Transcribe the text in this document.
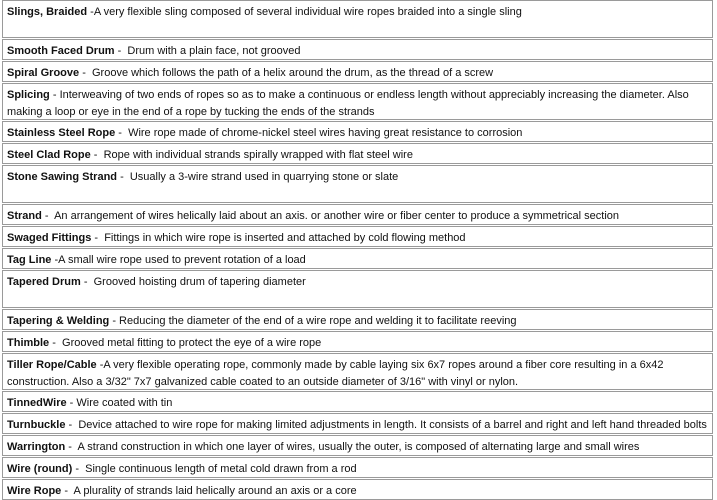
Slings, Braided -A very flexible sling composed of several individual wire ropes braided into a single sling
Smooth Faced Drum -  Drum with a plain face, not grooved
Spiral Groove -  Groove which follows the path of a helix around the drum, as the thread of a screw
Splicing - Interweaving of two ends of ropes so as to make a continuous or endless length without appreciably increasing the diameter. Also making a loop or eye in the end of a rope by tucking the ends of the strands
Stainless Steel Rope -  Wire rope made of chrome-nickel steel wires having great resistance to corrosion
Steel Clad Rope -  Rope with individual strands spirally wrapped with flat steel wire
Stone Sawing Strand -  Usually a 3-wire strand used in quarrying stone or slate
Strand -  An arrangement of wires helically laid about an axis. or another wire or fiber center to produce a symmetrical section
Swaged Fittings -  Fittings in which wire rope is inserted and attached by cold flowing method
Tag Line -A small wire rope used to prevent rotation of a load
Tapered Drum -  Grooved hoisting drum of tapering diameter
Tapering & Welding - Reducing the diameter of the end of a wire rope and welding it to facilitate reeving
Thimble -  Grooved metal fitting to protect the eye of a wire rope
Tiller Rope/Cable -A very flexible operating rope, commonly made by cable laying six 6x7 ropes around a fiber core resulting in a 6x42 construction. Also a 3/32" 7x7 galvanized cable coated to an outside diameter of 3/16" with vinyl or nylon.
TinnedWire - Wire coated with tin
Turnbuckle -  Device attached to wire rope for making limited adjustments in length. It consists of a barrel and right and left hand threaded bolts
Warrington -  A strand construction in which one layer of wires, usually the outer, is composed of alternating large and small wires
Wire (round) -  Single continuous length of metal cold drawn from a rod
Wire Rope -  A plurality of strands laid helically around an axis or a core
